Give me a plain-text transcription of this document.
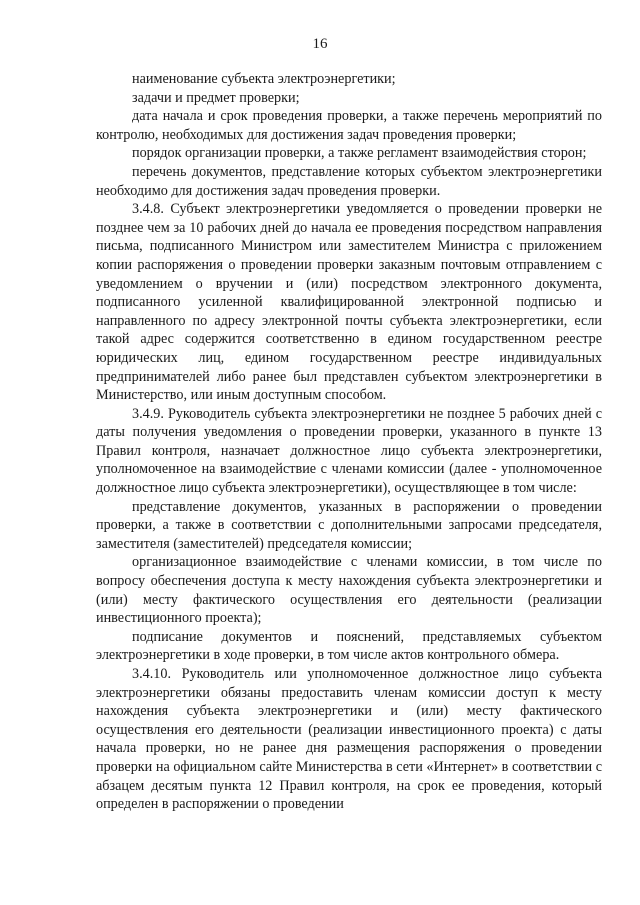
16

наименование субъекта электроэнергетики;

задачи и предмет проверки;

дата начала и срок проведения проверки, а также перечень мероприятий по контролю, необходимых для достижения задач проведения проверки;

порядок организации проверки, а также регламент взаимодействия сторон;

перечень документов, представление которых субъектом электроэнергетики необходимо для достижения задач проведения проверки.

3.4.8. Субъект электроэнергетики уведомляется о проведении проверки не позднее чем за 10 рабочих дней до начала ее проведения посредством направления письма, подписанного Министром или заместителем Министра с приложением копии распоряжения о проведении проверки заказным почтовым отправлением с уведомлением о вручении и (или) посредством электронного документа, подписанного усиленной квалифицированной электронной подписью и направленного по адресу электронной почты субъекта электроэнергетики, если такой адрес содержится соответственно в едином государственном реестре юридических лиц, едином государственном реестре индивидуальных предпринимателей либо ранее был представлен субъектом электроэнергетики в Министерство, или иным доступным способом.

3.4.9. Руководитель субъекта электроэнергетики не позднее 5 рабочих дней с даты получения уведомления о проведении проверки, указанного в пункте 13 Правил контроля, назначает должностное лицо субъекта электроэнергетики, уполномоченное на взаимодействие с членами комиссии (далее - уполномоченное должностное лицо субъекта электроэнергетики), осуществляющее в том числе:

представление документов, указанных в распоряжении о проведении проверки, а также в соответствии с дополнительными запросами председателя, заместителя (заместителей) председателя комиссии;

организационное взаимодействие с членами комиссии, в том числе по вопросу обеспечения доступа к месту нахождения субъекта электроэнергетики и (или) месту фактического осуществления его деятельности (реализации инвестиционного проекта);

подписание документов и пояснений, представляемых субъектом электроэнергетики в ходе проверки, в том числе актов контрольного обмера.

3.4.10. Руководитель или уполномоченное должностное лицо субъекта электроэнергетики обязаны предоставить членам комиссии доступ к месту нахождения субъекта электроэнергетики и (или) месту фактического осуществления его деятельности (реализации инвестиционного проекта) с даты начала проверки, но не ранее дня размещения распоряжения о проведении проверки на официальном сайте Министерства в сети «Интернет» в соответствии с абзацем десятым пункта 12 Правил контроля, на срок ее проведения, который определен в распоряжении о проведении
